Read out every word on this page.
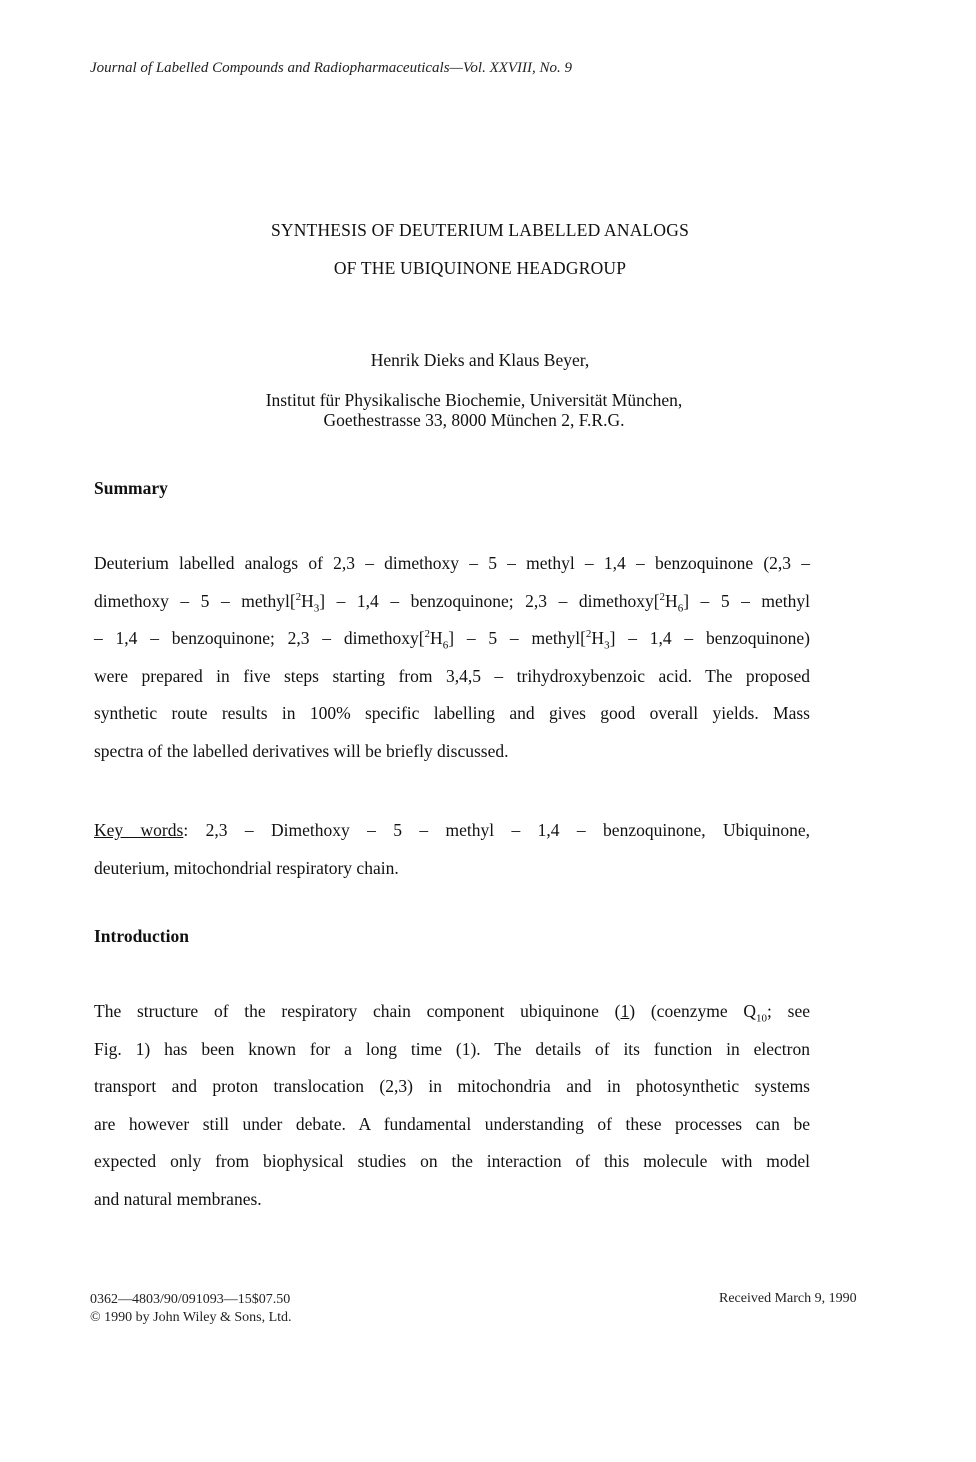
Journal of Labelled Compounds and Radiopharmaceuticals—Vol. XXVIII, No. 9
SYNTHESIS OF DEUTERIUM LABELLED ANALOGS
OF THE UBIQUINONE HEADGROUP
Henrik Dieks and Klaus Beyer,
Institut für Physikalische Biochemie, Universität München,
Goethestrasse 33, 8000 München 2, F.R.G.
Summary
Deuterium labelled analogs of 2,3 – dimethoxy – 5 – methyl – 1,4 – benzoquinone (2,3 –
dimethoxy – $5 - methyl[^2H_3] - 1,4$ – benzoquinone; $2,3 - dimethoxy[^2H_6] - 5$ – methyl
– 1,4 – benzoquinone; $2,3 - dimethoxy[^2H_6] - 5$ – $methyl[^2H_3] - 1,4$ – benzoquinone)
were prepared in five steps starting from 3,4,5 – trihydroxybenzoic acid. The proposed
synthetic route results in 100% specific labelling and gives good overall yields. Mass
spectra of the labelled derivatives will be briefly discussed.
Key words: 2,3 – Dimethoxy – 5 – methyl – 1,4 – benzoquinone, Ubiquinone,
deuterium, mitochondrial respiratory chain.
Introduction
The structure of the respiratory chain component ubiquinone (1) (coenzyme $Q_{10}$; see
Fig. 1) has been known for a long time (1). The details of its function in electron
transport and proton translocation (2,3) in mitochondria and in photosynthetic systems
are however still under debate. A fundamental understanding of these processes can be
expected only from biophysical studies on the interaction of this molecule with model
and natural membranes.
0362—4803/90/091093—15$07.50
© 1990 by John Wiley & Sons, Ltd.
Received March 9, 1990
